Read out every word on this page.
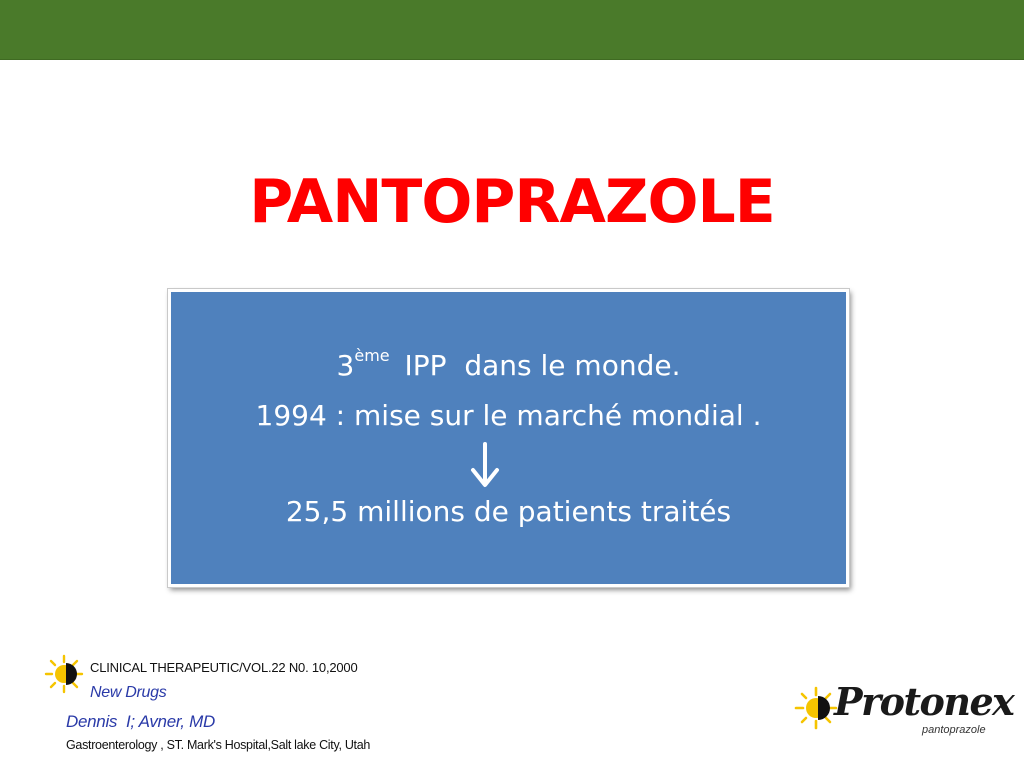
PANTOPRAZOLE
3ème IPP  dans le monde.
1994 : mise sur le marché mondial .
25,5 millions de patients traités
CLINICAL THERAPEUTIC/VOL.22 N0. 10,2000
New Drugs
Dennis  I; Avner, MD
Gastroenterology , ST. Mark's Hospital,Salt lake City, Utah
Protonex
pantoprazole
